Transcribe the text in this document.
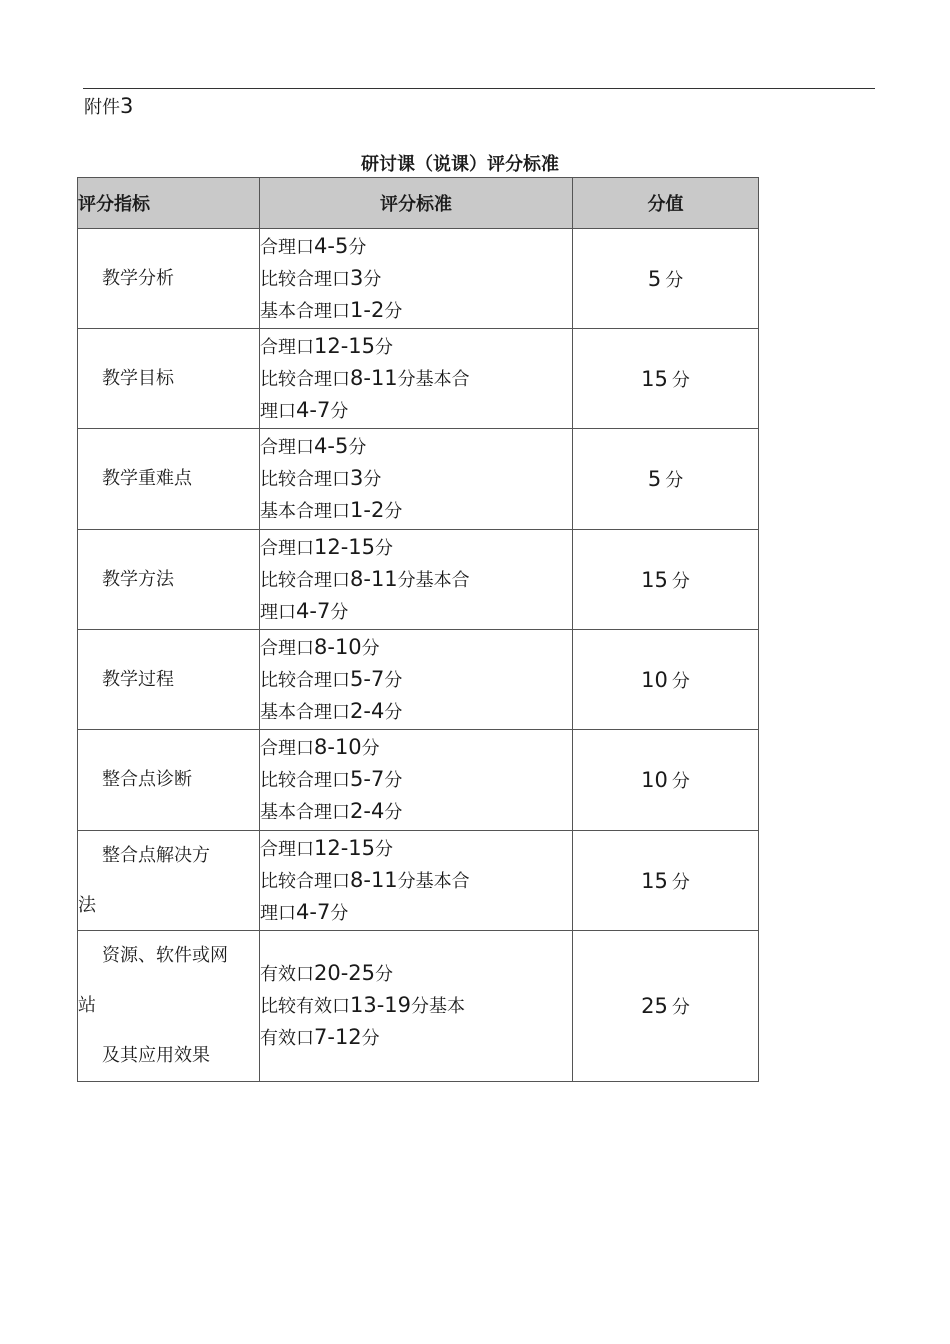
附件3
研讨课（说课）评分标准
评分指标	评分标准	分值

教学分析	合理口4-5分
比较合理口3分
基本合理口1-2分	5 分

教学目标	合理口12-15分
比较合理口8-11分基本合
理口4-7分	15 分

教学重难点	合理口4-5分
比较合理口3分
基本合理口1-2分	5 分

教学方法	合理口12-15分
比较合理口8-11分基本合
理口4-7分	15 分

教学过程	合理口8-10分
比较合理口5-7分
基本合理口2-4分	10 分

整合点诊断	合理口8-10分
比较合理口5-7分
基本合理口2-4分	10 分

整合点解决方
法	合理口12-15分
比较合理口8-11分基本合
理口4-7分	15 分

资源、软件或网
站
及其应用效果	有效口20-25分
比较有效口13-19分基本
有效口7-12分	25 分
